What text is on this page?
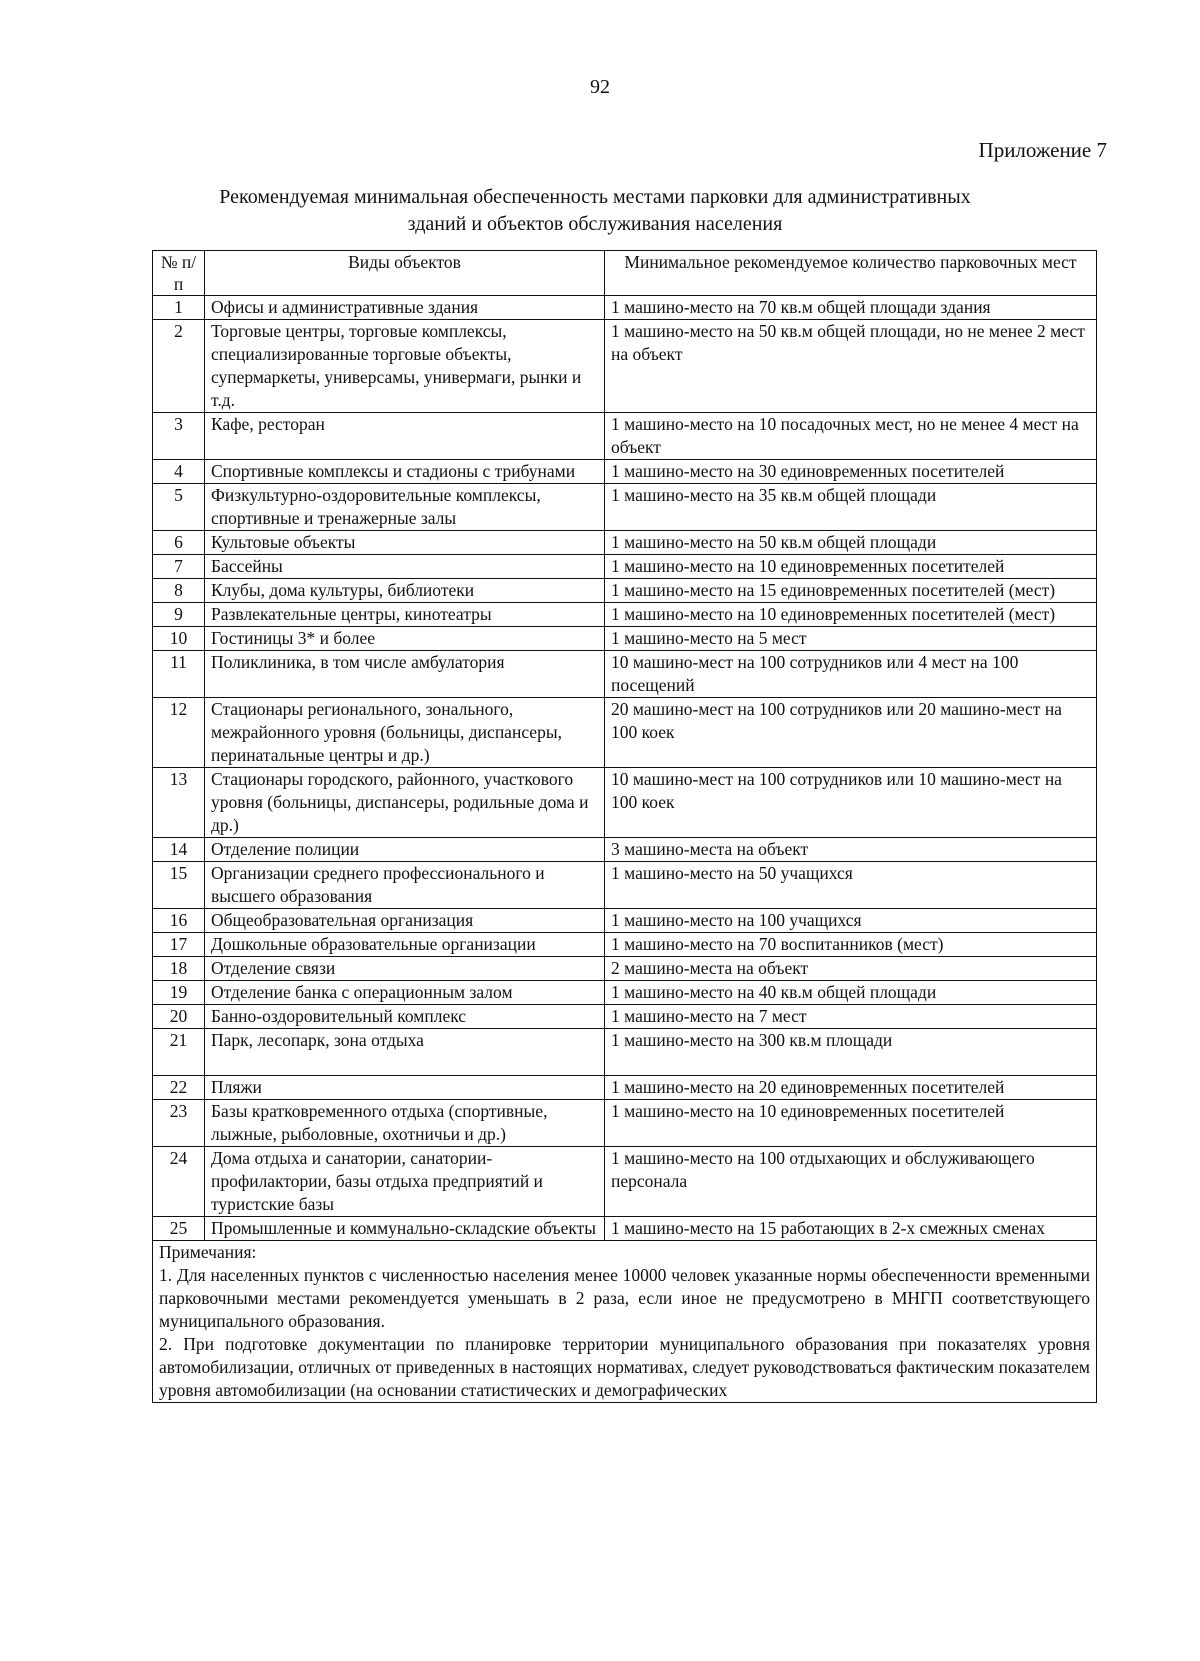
92
Приложение 7
Рекомендуемая минимальная обеспеченность местами парковки для административных
зданий и объектов обслуживания населения
№ п/п	Виды объектов	Минимальное рекомендуемое количество парковочных мест
1	Офисы и административные здания	1 машино-место на 70 кв.м общей площади здания
2	Торговые центры, торговые комплексы, специализированные торговые объекты, супермаркеты, универсамы, универмаги, рынки и т.д.	1 машино-место на 50 кв.м общей площади, но не менее 2 мест на объект
3	Кафе, ресторан	1 машино-место на 10 посадочных мест, но не менее 4 мест на объект
4	Спортивные комплексы и стадионы с трибунами	1 машино-место на 30 единовременных посетителей
5	Физкультурно-оздоровительные комплексы, спортивные и тренажерные залы	1 машино-место на 35 кв.м общей площади
6	Культовые объекты	1 машино-место на 50 кв.м общей площади
7	Бассейны	1 машино-место на 10 единовременных посетителей
8	Клубы, дома культуры, библиотеки	1 машино-место на 15 единовременных посетителей (мест)
9	Развлекательные центры, кинотеатры	1 машино-место на 10 единовременных посетителей (мест)
10	Гостиницы 3* и более	1 машино-место на 5 мест
11	Поликлиника, в том числе амбулатория	10 машино-мест на 100 сотрудников или 4 мест на 100 посещений
12	Стационары регионального, зонального, межрайонного уровня (больницы, диспансеры, перинатальные центры и др.)	20 машино-мест на 100 сотрудников или 20 машино-мест на 100 коек
13	Стационары городского, районного, участкового уровня (больницы, диспансеры, родильные дома и др.)	10 машино-мест на 100 сотрудников или 10 машино-мест на 100 коек
14	Отделение полиции	3 машино-места на объект
15	Организации среднего профессионального и высшего образования	1 машино-место на 50 учащихся
16	Общеобразовательная организация	1 машино-место на 100 учащихся
17	Дошкольные образовательные организации	1 машино-место на 70 воспитанников (мест)
18	Отделение связи	2 машино-места на объект
19	Отделение банка с операционным залом	1 машино-место на 40 кв.м общей площади
20	Банно-оздоровительный комплекс	1 машино-место на 7 мест
21	Парк, лесопарк, зона отдыха	1 машино-место на 300 кв.м площади
22	Пляжи	1 машино-место на 20 единовременных посетителей
23	Базы кратковременного отдыха (спортивные, лыжные, рыболовные, охотничьи и др.)	1 машино-место на 10 единовременных посетителей
24	Дома отдыха и санатории, санатории-профилактории, базы отдыха предприятий и туристские базы	1 машино-место на 100 отдыхающих и обслуживающего персонала
25	Промышленные и коммунально-складские объекты	1 машино-место на 15 работающих в 2-х смежных сменах

Примечания:
1. Для населенных пунктов с численностью населения менее 10000 человек указанные нормы обеспеченности временными парковочными местами рекомендуется уменьшать в 2 раза, если иное не предусмотрено в МНГП соответствующего муниципального образования.
2. При подготовке документации по планировке территории муниципального образования при показателях уровня автомобилизации, отличных от приведенных в настоящих нормативах, следует руководствоваться фактическим показателем уровня автомобилизации (на основании статистических и демографических		
